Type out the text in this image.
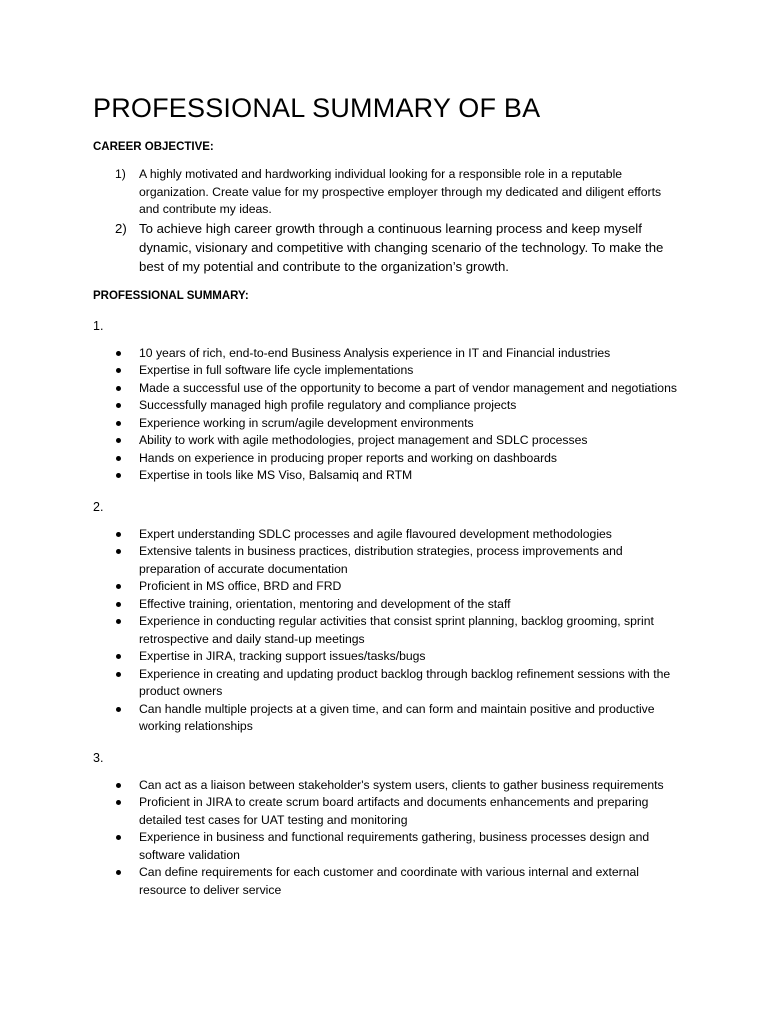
PROFESSIONAL SUMMARY OF BA
CAREER OBJECTIVE:
1) A highly motivated and hardworking individual looking for a responsible role in a reputable organization. Create value for my prospective employer through my dedicated and diligent efforts and contribute my ideas.
2) To achieve high career growth through a continuous learning process and keep myself dynamic, visionary and competitive with changing scenario of the technology. To make the best of my potential and contribute to the organization’s growth.
PROFESSIONAL SUMMARY:
1.
10 years of rich, end-to-end Business Analysis experience in IT and Financial industries
Expertise in full software life cycle implementations
Made a successful use of the opportunity to become a part of vendor management and negotiations
Successfully managed high profile regulatory and compliance projects
Experience working in scrum/agile development environments
Ability to work with agile methodologies, project management and SDLC processes
Hands on experience in producing proper reports and working on dashboards
Expertise in tools like MS Viso, Balsamiq and RTM
2.
Expert understanding SDLC processes and agile flavoured development methodologies
Extensive talents in business practices, distribution strategies, process improvements and preparation of accurate documentation
Proficient in MS office, BRD and FRD
Effective training, orientation, mentoring and development of the staff
Experience in conducting regular activities that consist sprint planning, backlog grooming, sprint retrospective and daily stand-up meetings
Expertise in JIRA, tracking support issues/tasks/bugs
Experience in creating and updating product backlog through backlog refinement sessions with the product owners
Can handle multiple projects at a given time, and can form and maintain positive and productive working relationships
3.
Can act as a liaison between stakeholder's system users, clients to gather business requirements
Proficient in JIRA to create scrum board artifacts and documents enhancements and preparing detailed test cases for UAT testing and monitoring
Experience in business and functional requirements gathering, business processes design and software validation
Can define requirements for each customer and coordinate with various internal and external resource to deliver service
